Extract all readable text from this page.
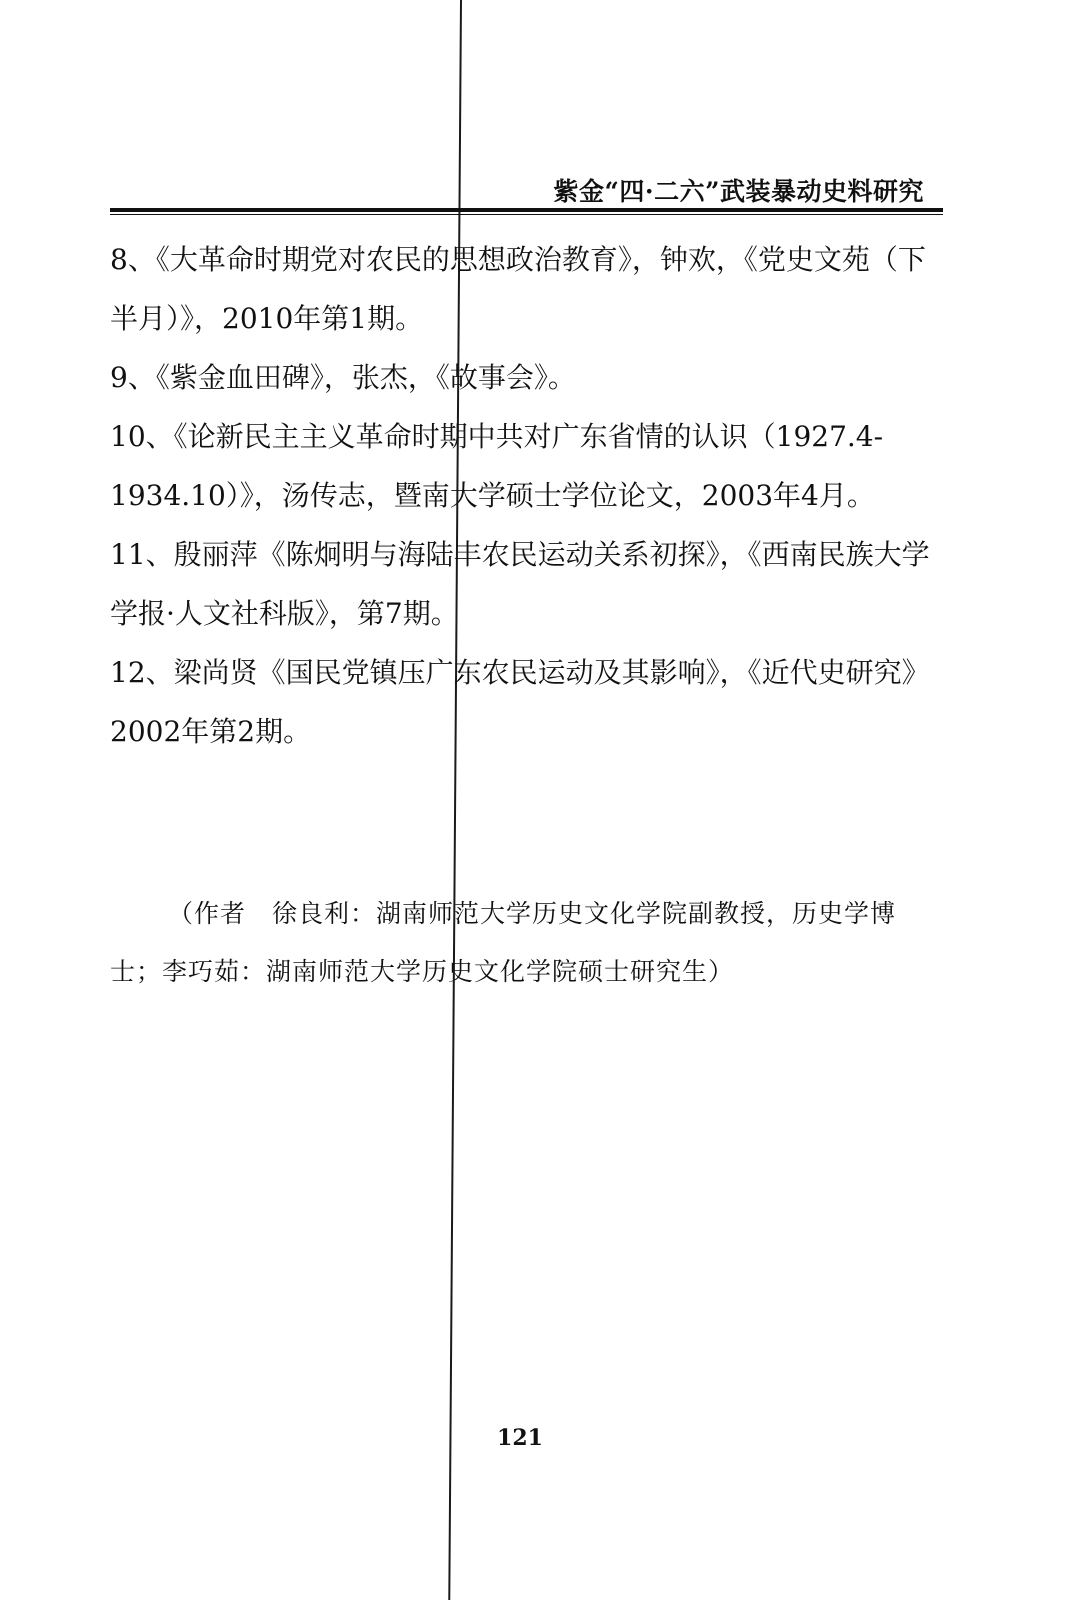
紫金“四·二六”武装暴动史料研究
8、《大革命时期党对农民的思想政治教育》，钟欢，《党史文苑（下半月）》，2010年第1期。
9、《紫金血田碑》，张杰，《故事会》。
10、《论新民主主义革命时期中共对广东省情的认识（1927.4-1934.10）》，汤传志，暨南大学硕士学位论文，2003年4月。
11、殷丽萍《陈炯明与海陆丰农民运动关系初探》，《西南民族大学学报·人文社科版》，第7期。
12、梁尚贤《国民党镇压广东农民运动及其影响》，《近代史研究》2002年第2期。

（作者　徐良利：湖南师范大学历史文化学院副教授，历史学博士；李巧茹：湖南师范大学历史文化学院硕士研究生）

121
